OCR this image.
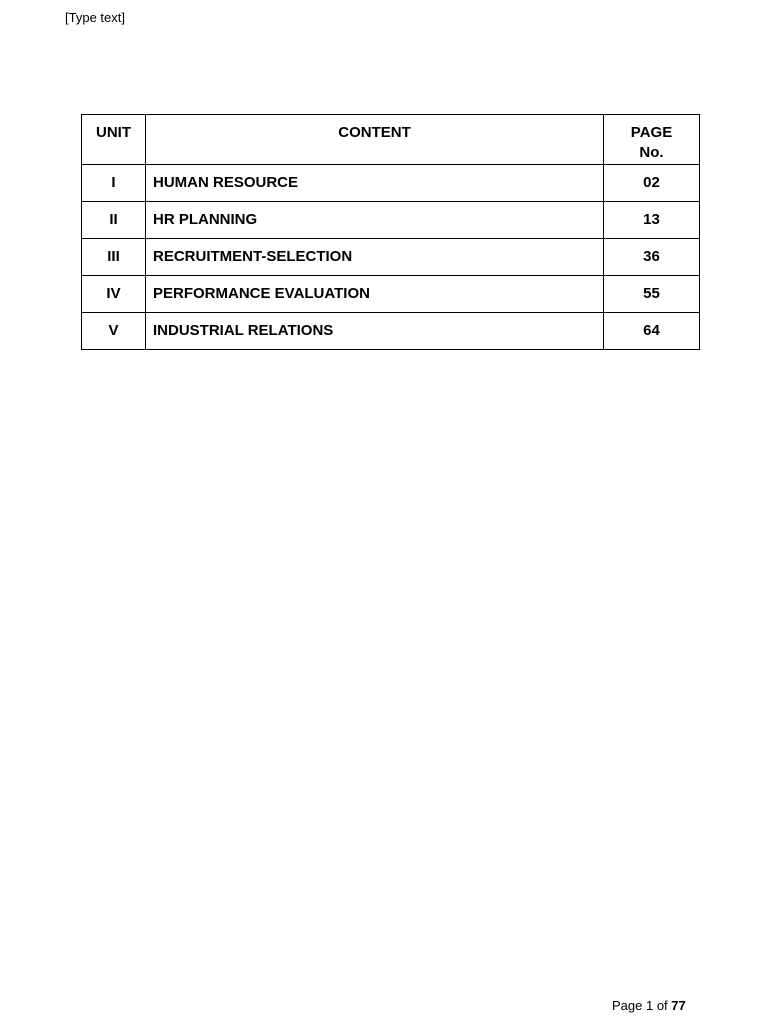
[Type text]
UNIT	CONTENT	PAGE
No.

I	HUMAN RESOURCE	02
II	HR PLANNING	13
III	RECRUITMENT-SELECTION	36
IV	PERFORMANCE EVALUATION	55
V	INDUSTRIAL RELATIONS	64
Page 1 of 77
